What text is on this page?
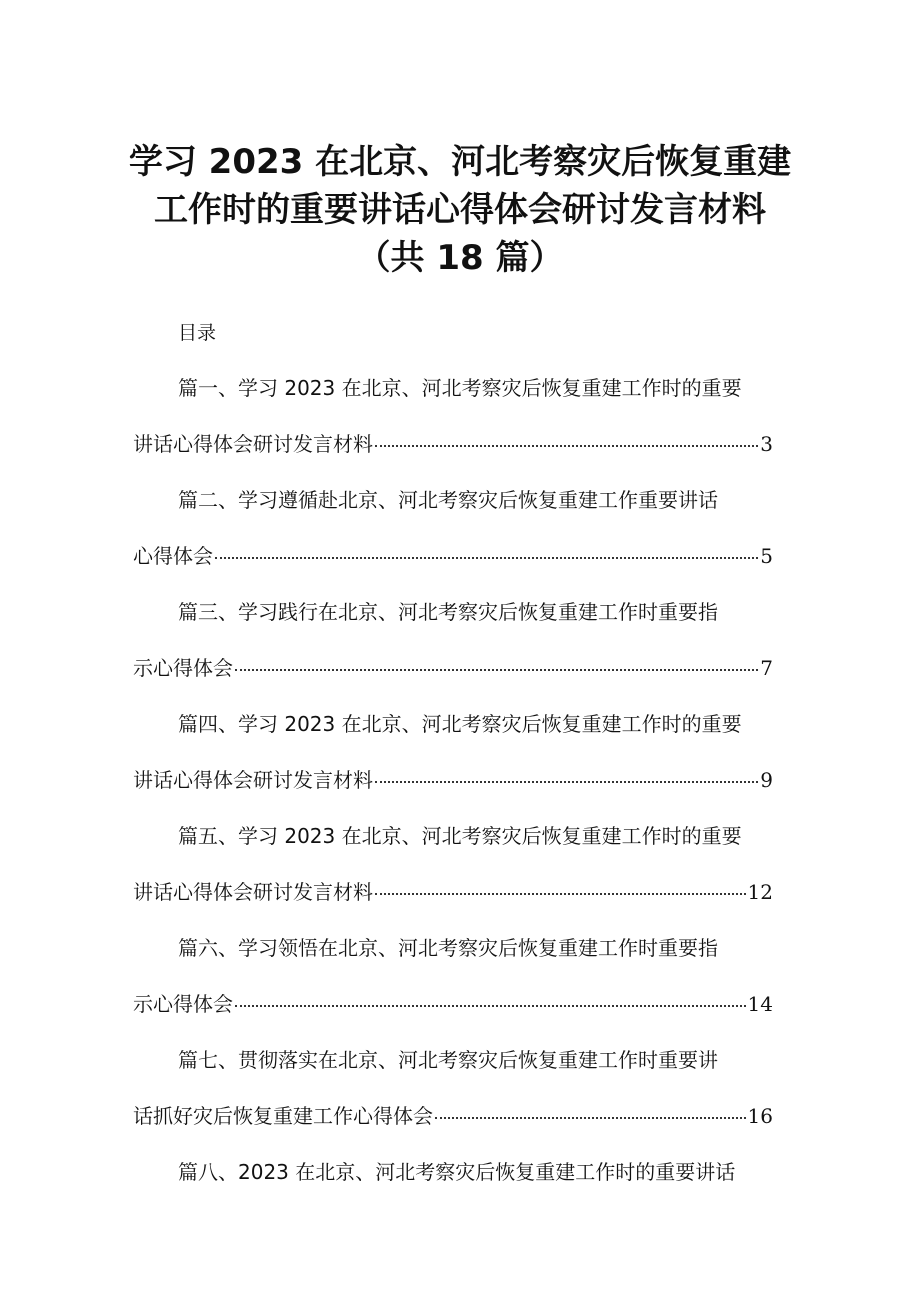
学习 2023 在北京、河北考察灾后恢复重建
工作时的重要讲话心得体会研讨发言材料
（共 18 篇）
目录
篇一、学习 2023 在北京、河北考察灾后恢复重建工作时的重要
讲话心得体会研讨发言材料	3
篇二、学习遵循赴北京、河北考察灾后恢复重建工作重要讲话
心得体会	5
篇三、学习践行在北京、河北考察灾后恢复重建工作时重要指
示心得体会	7
篇四、学习 2023 在北京、河北考察灾后恢复重建工作时的重要
讲话心得体会研讨发言材料	9
篇五、学习 2023 在北京、河北考察灾后恢复重建工作时的重要
讲话心得体会研讨发言材料	12
篇六、学习领悟在北京、河北考察灾后恢复重建工作时重要指
示心得体会	14
篇七、贯彻落实在北京、河北考察灾后恢复重建工作时重要讲
话抓好灾后恢复重建工作心得体会	16
篇八、2023 在北京、河北考察灾后恢复重建工作时的重要讲话
